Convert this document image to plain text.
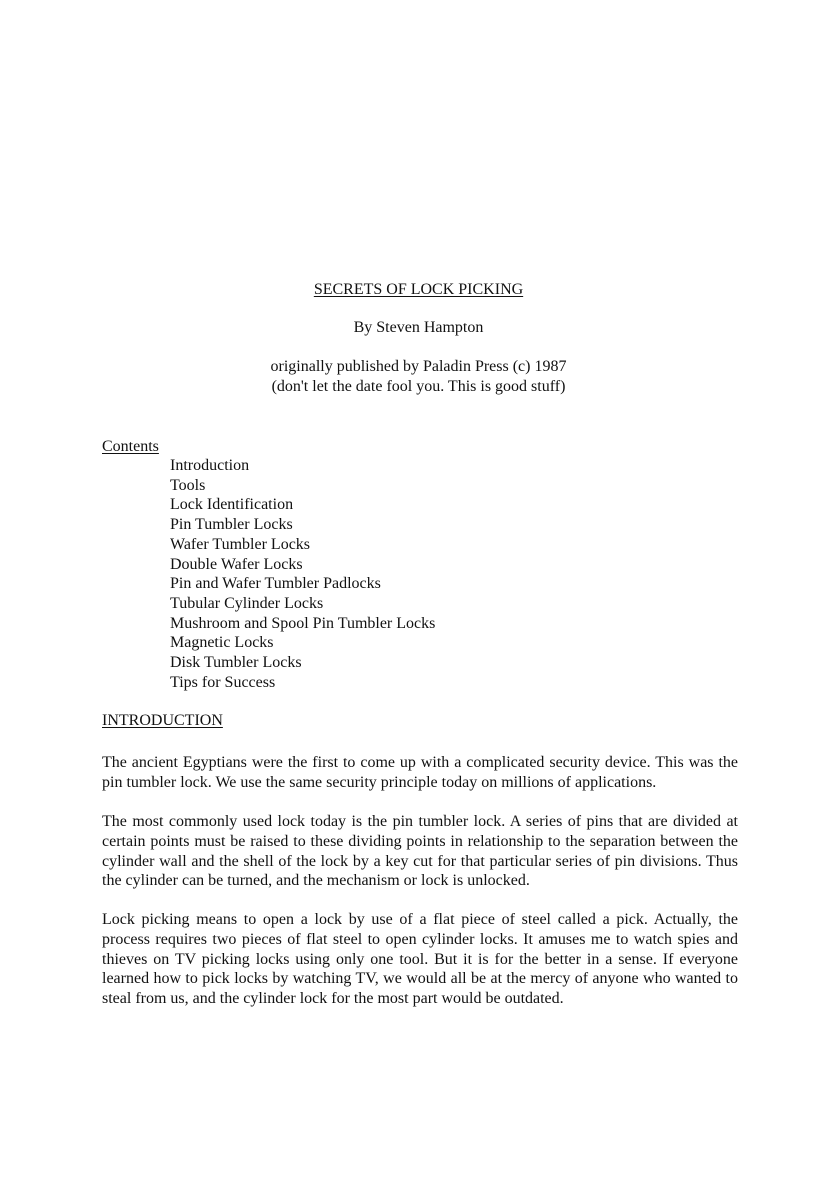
SECRETS OF LOCK PICKING
By Steven Hampton
originally published by Paladin Press (c) 1987
(don't let the date fool you. This is good stuff)
Contents
Introduction
Tools
Lock Identification
Pin Tumbler Locks
Wafer Tumbler Locks
Double Wafer Locks
Pin and Wafer Tumbler Padlocks
Tubular Cylinder Locks
Mushroom and Spool Pin Tumbler Locks
Magnetic Locks
Disk Tumbler Locks
Tips for Success
INTRODUCTION

The ancient Egyptians were the first to come up with a complicated security device. This was the pin tumbler lock. We use the same security principle today on millions of applications.

The most commonly used lock today is the pin tumbler lock. A series of pins that are divided at certain points must be raised to these dividing points in relationship to the separation between the cylinder wall and the shell of the lock by a key cut for that particular series of pin divisions. Thus the cylinder can be turned, and the mechanism or lock is unlocked.

Lock picking means to open a lock by use of a flat piece of steel called a pick. Actually, the process requires two pieces of flat steel to open cylinder locks. It amuses me to watch spies and thieves on TV picking locks using only one tool. But it is for the better in a sense. If everyone learned how to pick locks by watching TV, we would all be at the mercy of anyone who wanted to steal from us, and the cylinder lock for the most part would be outdated.
